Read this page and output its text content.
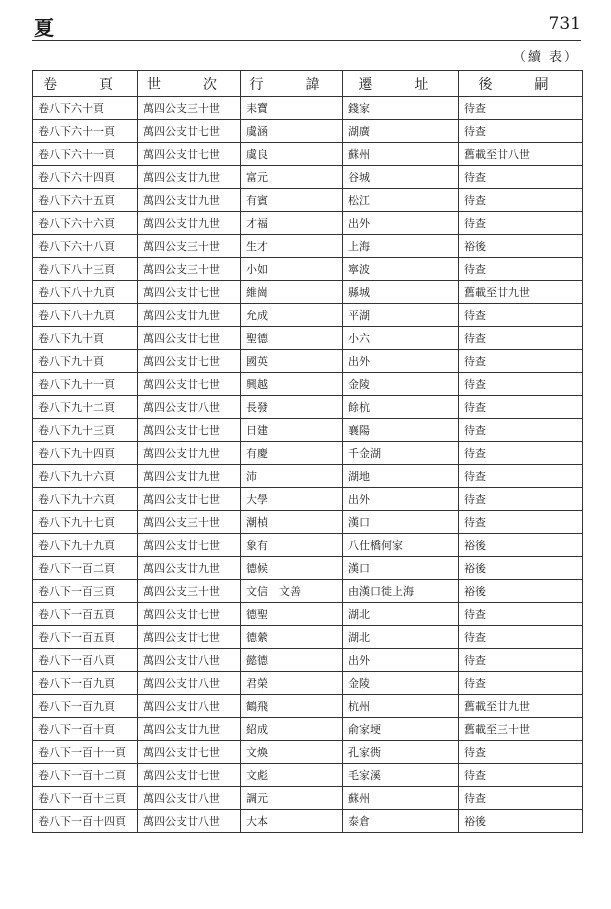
夏	731
（續 表）
卷　頁	世　次	行　諱	遷　址	後　嗣
卷八下六十頁	萬四公支三十世	耒寶	錢家	待查
卷八下六十一頁	萬四公支廿七世	虞涵	湖廣	待查
卷八下六十一頁	萬四公支廿七世	虞良	蘇州	舊載至廿八世
卷八下六十四頁	萬四公支廿九世	富元	谷城	待查
卷八下六十五頁	萬四公支廿九世	有賓	松江	待查
卷八下六十六頁	萬四公支廿九世	才福	出外	待查
卷八下六十八頁	萬四公支三十世	生才	上海	裕後
卷八下八十三頁	萬四公支三十世	小如	寧波	待查
卷八下八十九頁	萬四公支廿七世	維崗	縣城	舊載至廿九世
卷八下八十九頁	萬四公支廿九世	允成	平湖	待查
卷八下九十頁	萬四公支廿七世	聖德	小六	待查
卷八下九十頁	萬四公支廿七世	國英	出外	待查
卷八下九十一頁	萬四公支廿七世	興越	金陵	待查
卷八下九十二頁	萬四公支廿八世	長發	餘杭	待查
卷八下九十三頁	萬四公支廿七世	日建	襄陽	待查
卷八下九十四頁	萬四公支廿九世	有慶	千金湖	待查
卷八下九十六頁	萬四公支廿九世	沛	湖地	待查
卷八下九十六頁	萬四公支廿七世	大學	出外	待查
卷八下九十七頁	萬四公支三十世	潮楨	漢口	待查
卷八下九十九頁	萬四公支廿七世	象有	八仕橋何家	裕後
卷八下一百二頁	萬四公支廿九世	德候	漢口	裕後
卷八下一百三頁	萬四公支三十世	文信　文善	由漢口徙上海	裕後
卷八下一百五頁	萬四公支廿七世	德聖	湖北	待查
卷八下一百五頁	萬四公支廿七世	德縈	湖北	待查
卷八下一百八頁	萬四公支廿八世	懿德	出外	待查
卷八下一百九頁	萬四公支廿八世	君榮	金陵	待查
卷八下一百九頁	萬四公支廿八世	鶴飛	杭州	舊載至廿九世
卷八下一百十頁	萬四公支廿九世	紹成	俞家埂	舊載至三十世
卷八下一百十一頁	萬四公支廿七世	文煥	孔家衖	待查
卷八下一百十二頁	萬四公支廿七世	文彪	毛家溪	待查
卷八下一百十三頁	萬四公支廿八世	調元	蘇州	待查
卷八下一百十四頁	萬四公支廿八世	大本	泰倉	裕後
